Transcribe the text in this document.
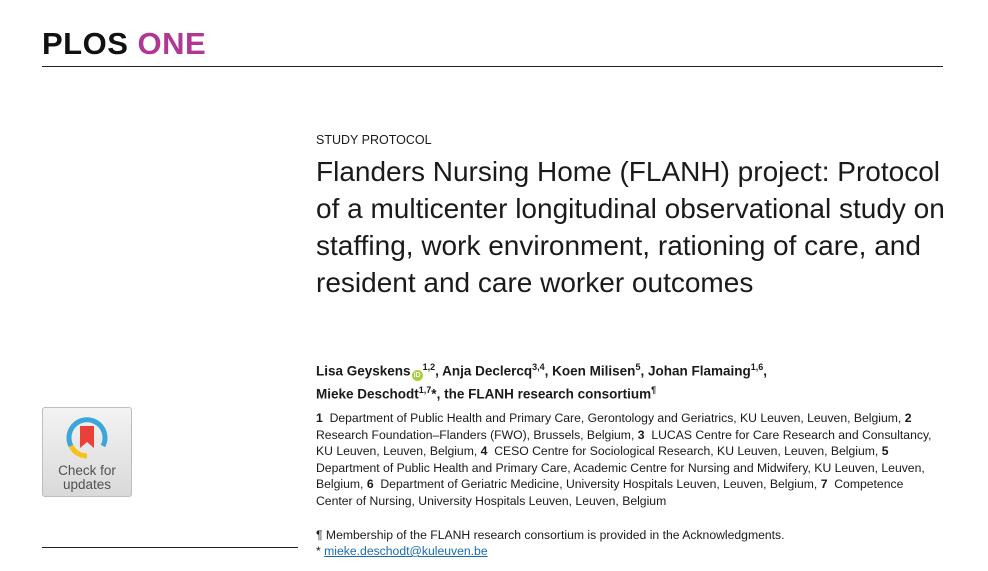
PLOS ONE
Check for
updates
STUDY PROTOCOL
Flanders Nursing Home (FLANH) project: Protocol of a multicenter longitudinal observational study on staffing, work environment, rationing of care, and resident and care worker outcomes
Lisa Geyskens iD$^{1,2}$, Anja Declercq$^{3,4}$, Koen Milisen$^5$, Johan Flamaing$^{1,6}$,
Mieke Deschodt$^{1,7}$*, the FLANH research consortium¶
1 Department of Public Health and Primary Care, Gerontology and Geriatrics, KU Leuven, Leuven, Belgium, 2  Research Foundation–Flanders (FWO), Brussels, Belgium, 3 LUCAS Centre for Care Research and Consultancy, KU Leuven, Leuven, Belgium, 4 CESO Centre for Sociological Research, KU Leuven, Leuven, Belgium, 5  Department of Public Health and Primary Care, Academic Centre for Nursing and Midwifery, KU Leuven, Leuven, Belgium, 6 Department of Geriatric Medicine, University Hospitals Leuven, Leuven, Belgium, 7 Competence Center of Nursing, University Hospitals Leuven, Leuven, Belgium
¶ Membership of the FLANH research consortium is provided in the Acknowledgments.
* mieke.deschodt@kuleuven.be
